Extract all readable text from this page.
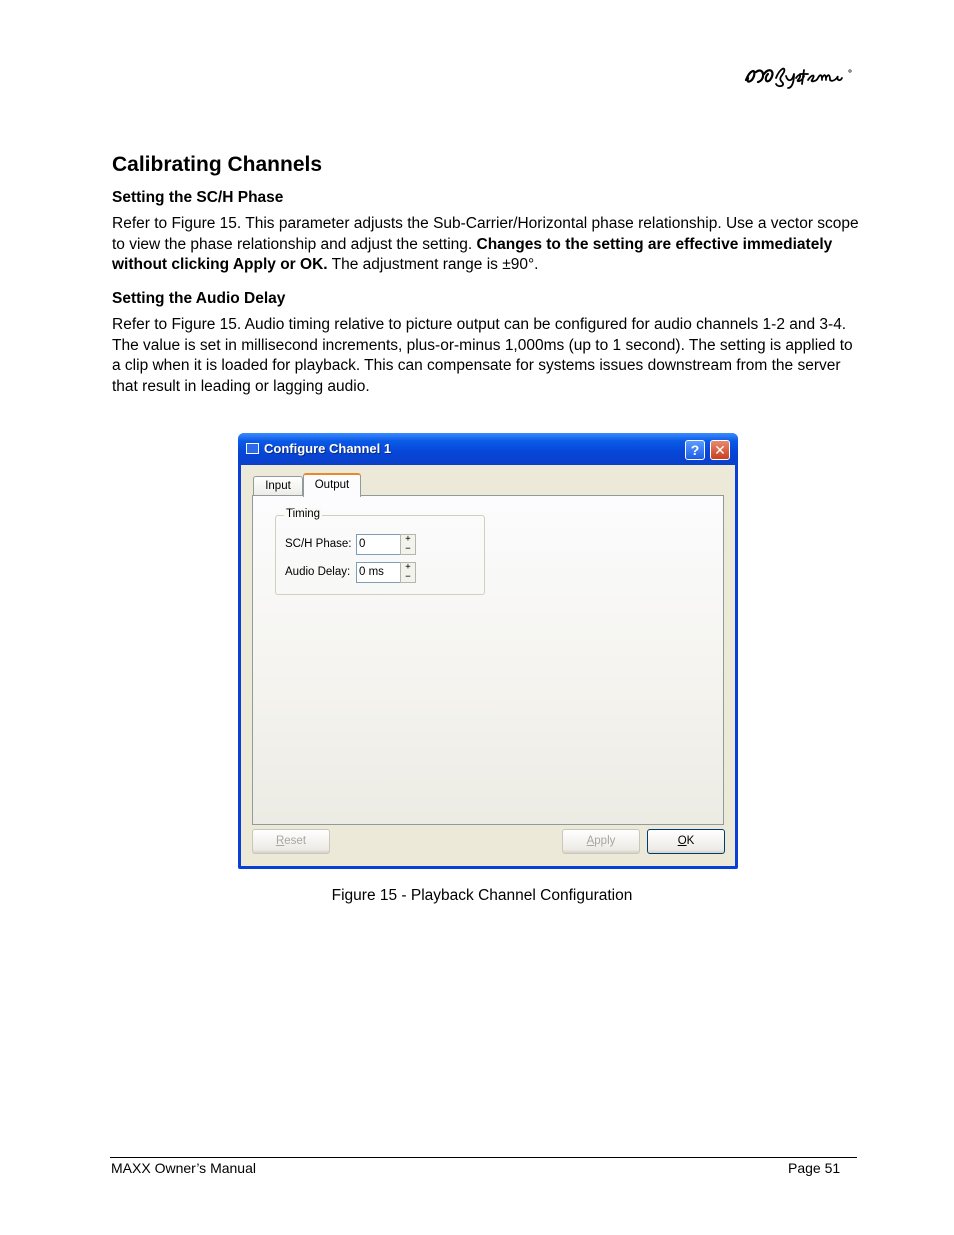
Calibrating Channels
Setting the SC/H Phase

Refer to Figure 15. This parameter adjusts the Sub-Carrier/Horizontal phase relationship. Use a vector scope to view the phase relationship and adjust the setting. Changes to the setting are effective immediately without clicking Apply or OK. The adjustment range is ±90°.

Setting the Audio Delay

Refer to Figure 15. Audio timing relative to picture output can be configured for audio channels 1-2 and 3-4. The value is set in millisecond increments, plus-or-minus 1,000ms (up to 1 second). The setting is applied to a clip when it is loaded for playback. This can compensate for systems issues downstream from the server that result in leading or lagging audio.

Configure Channel 1	?	✕
Input	Output
Timing
SC/H Phase: 0	+
−
Audio Delay: 0 ms	+
−
Reset	Apply	OK

Figure 15 - Playback Channel Configuration

MAXX Owner’s Manual	Page 51
